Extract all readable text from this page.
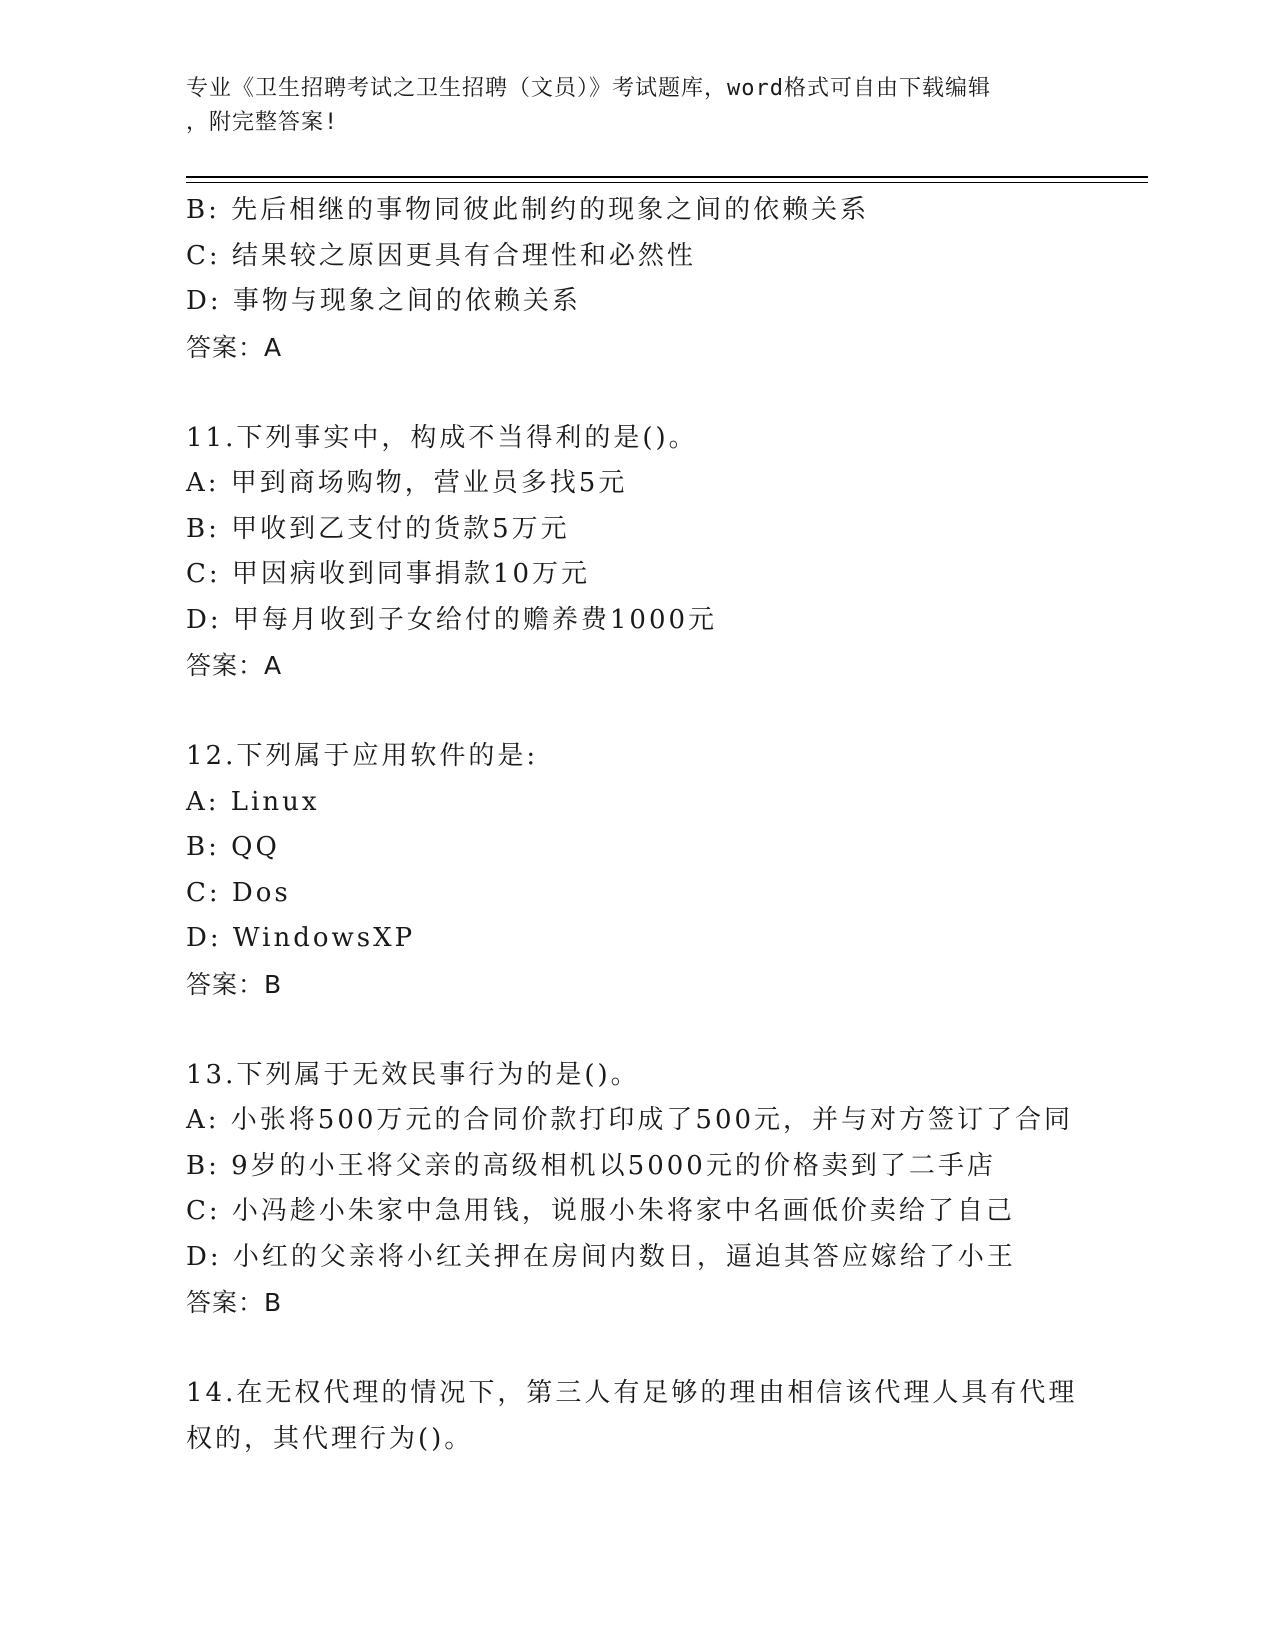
专业《卫生招聘考试之卫生招聘（文员）》考试题库，word格式可自由下载编辑
，附完整答案!
B: 先后相继的事物同彼此制约的现象之间的依赖关系
C: 结果较之原因更具有合理性和必然性
D: 事物与现象之间的依赖关系
答案：A
11.下列事实中，构成不当得利的是()。
A: 甲到商场购物，营业员多找5元
B: 甲收到乙支付的货款5万元
C: 甲因病收到同事捐款10万元
D: 甲每月收到子女给付的赡养费1000元
答案：A
12.下列属于应用软件的是:
A: Linux
B: QQ
C: Dos
D: WindowsXP
答案：B
13.下列属于无效民事行为的是()。
A: 小张将500万元的合同价款打印成了500元，并与对方签订了合同
B: 9岁的小王将父亲的高级相机以5000元的价格卖到了二手店
C: 小冯趁小朱家中急用钱，说服小朱将家中名画低价卖给了自己
D: 小红的父亲将小红关押在房间内数日，逼迫其答应嫁给了小王
答案：B
14.在无权代理的情况下，第三人有足够的理由相信该代理人具有代理
权的，其代理行为()。
